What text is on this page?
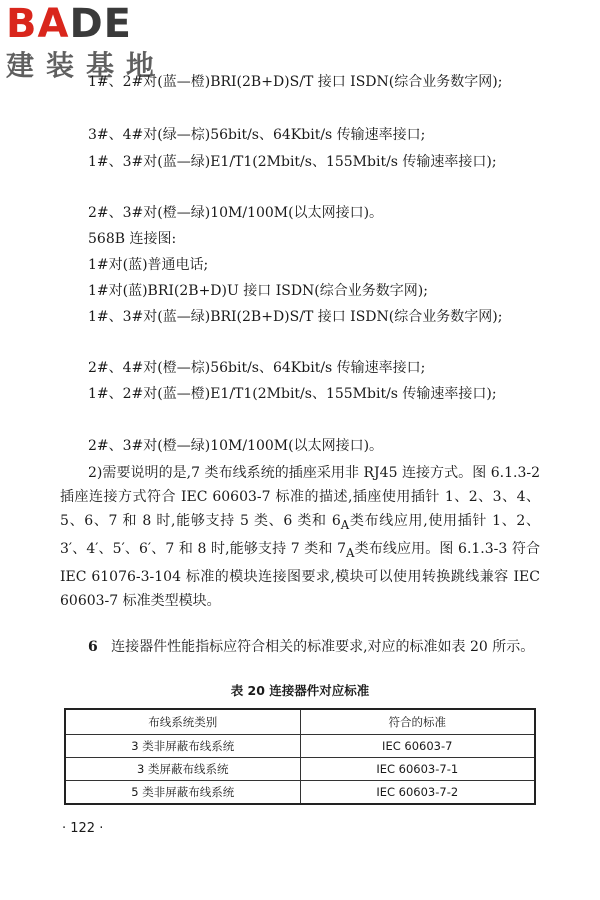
BADE
建装基地

1#、2#对(蓝—橙)BRI(2B+D)S/T 接口 ISDN(综合业务数字网);

3#、4#对(绿—棕)56bit/s、64Kbit/s 传输速率接口;

1#、3#对(蓝—绿)E1/T1(2Mbit/s、155Mbit/s 传输速率接口);

2#、3#对(橙—绿)10M/100M(以太网接口)。

568B 连接图:

1#对(蓝)普通电话;

1#对(蓝)BRI(2B+D)U 接口 ISDN(综合业务数字网);

1#、3#对(蓝—绿)BRI(2B+D)S/T 接口 ISDN(综合业务数字网);

2#、4#对(橙—棕)56bit/s、64Kbit/s 传输速率接口;

1#、2#对(蓝—橙)E1/T1(2Mbit/s、155Mbit/s 传输速率接口);

2#、3#对(橙—绿)10M/100M(以太网接口)。

2)需要说明的是,7 类布线系统的插座采用非 RJ45 连接方式。图 6.1.3-2 插座连接方式符合 IEC 60603-7 标准的描述,插座使用插针 1、2、3、4、5、6、7 和 8 时,能够支持 5 类、6 类和 $6_A$类布线应用,使用插针 1、2、3′、4′、5′、6′、7 和 8 时,能够支持 7 类和 $7_A$类布线应用。图 6.1.3-3 符合 IEC 61076-3-104 标准的模块连接图要求,模块可以使用转换跳线兼容 IEC 60603-7 标准类型模块。

6 连接器件性能指标应符合相关的标准要求,对应的标准如表 20 所示。

表 20 连接器件对应标准
布线系统类别	符合的标准
3 类非屏蔽布线系统	IEC 60603-7
3 类屏蔽布线系统	IEC 60603-7-1
5 类非屏蔽布线系统	IEC 60603-7-2
· 122 ·
